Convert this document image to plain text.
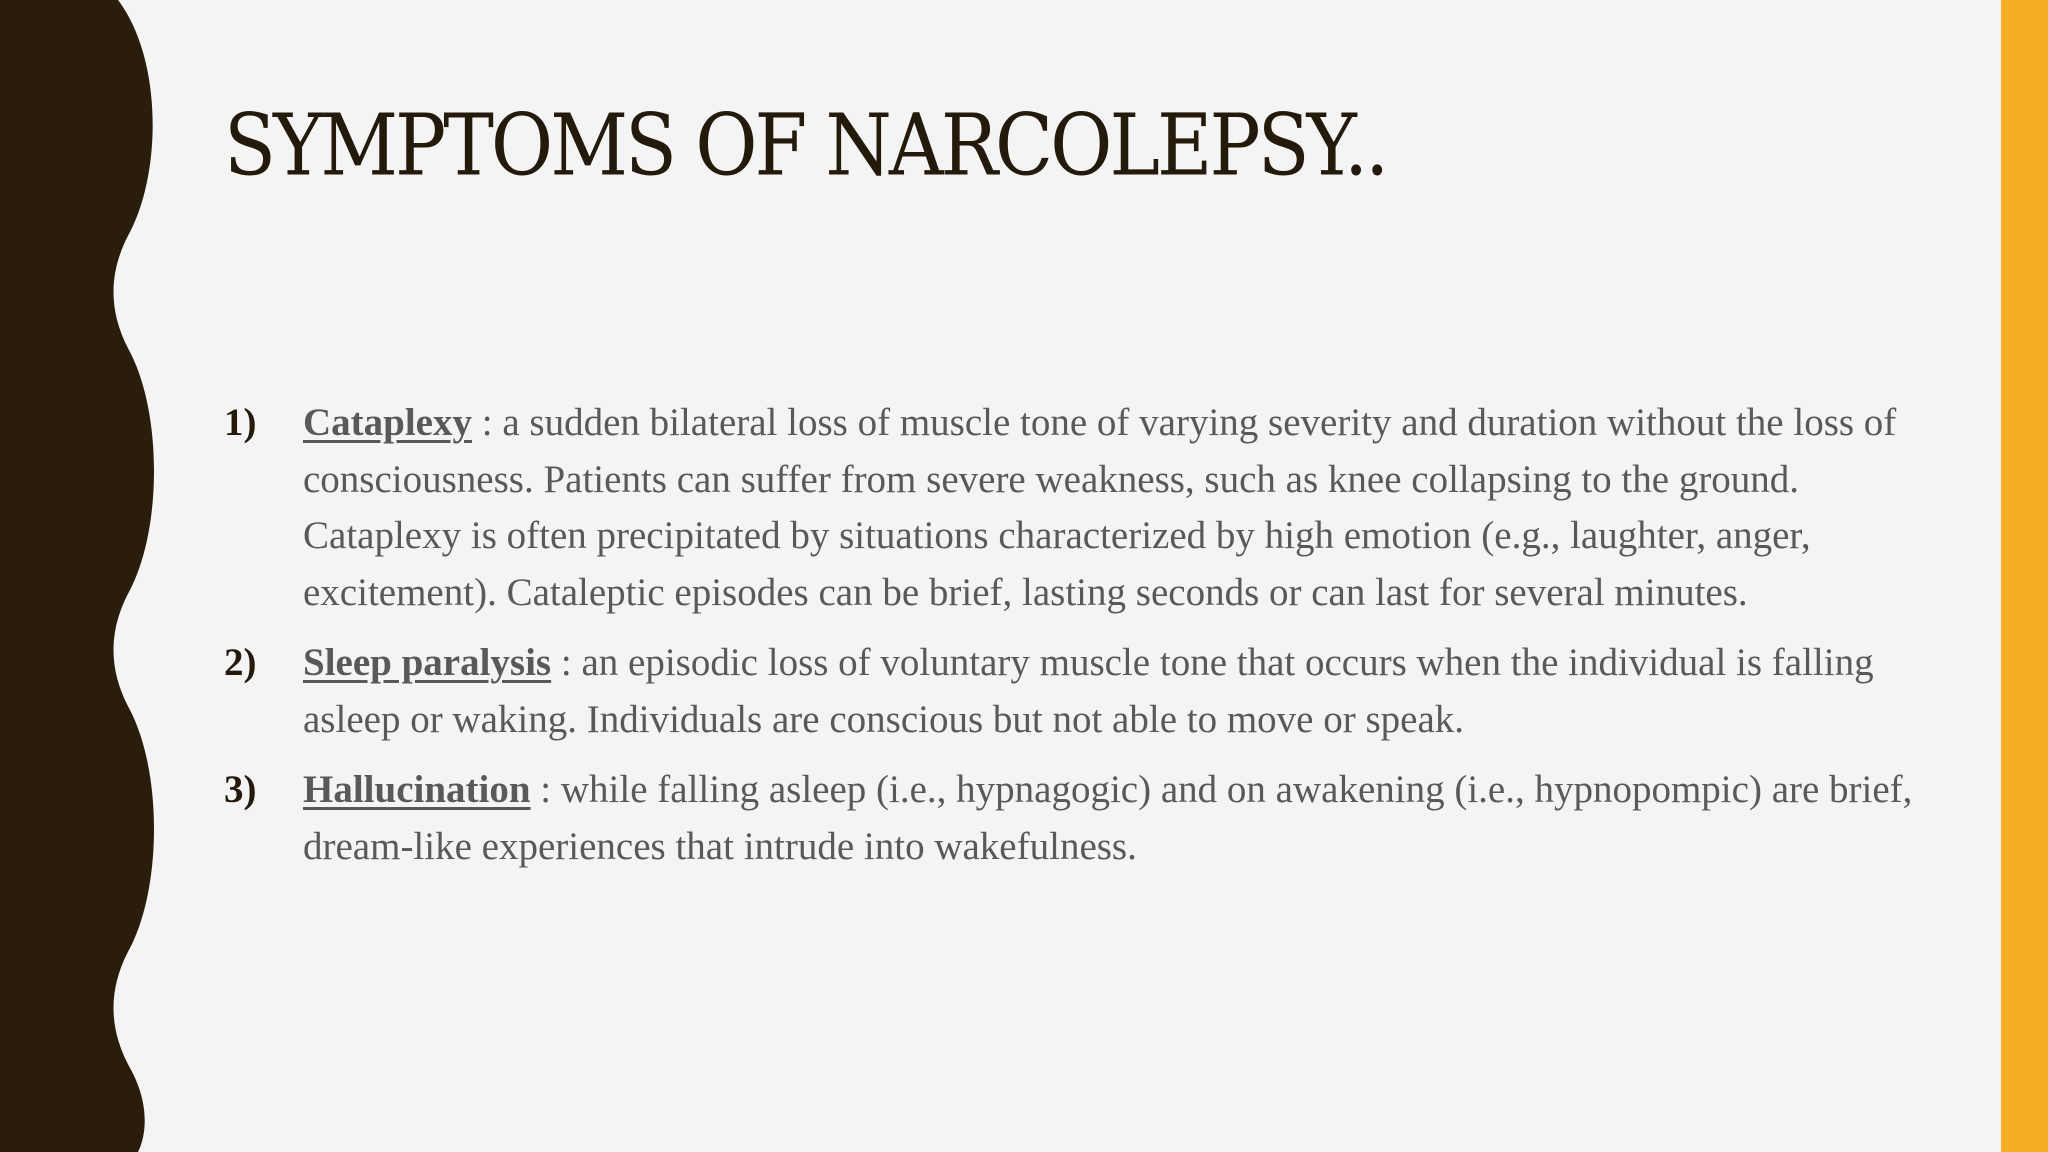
SYMPTOMS OF NARCOLEPSY..
1)	Cataplexy : a sudden bilateral loss of muscle tone of varying severity and duration without the loss of consciousness. Patients can suffer from severe weakness, such as knee collapsing to the ground. Cataplexy is often precipitated by situations characterized by high emotion (e.g., laughter, anger, excitement). Cataleptic episodes can be brief, lasting seconds or can last for several minutes.
2)	Sleep paralysis : an episodic loss of voluntary muscle tone that occurs when the individual is falling asleep or waking. Individuals are conscious but not able to move or speak.
3)	Hallucination : while falling asleep (i.e., hypnagogic) and on awakening (i.e., hypnopompic) are brief, dream-like experiences that intrude into wakefulness.
